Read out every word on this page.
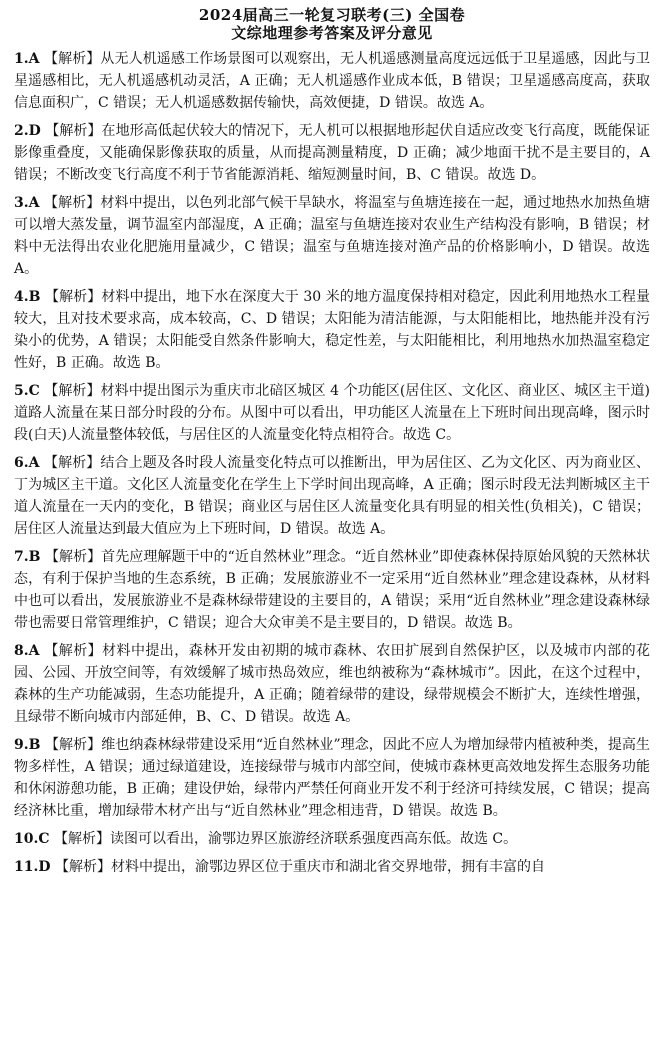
2024届高三一轮复习联考(三) 全国卷
文综地理参考答案及评分意见
1.A 【解析】从无人机遥感工作场景图可以观察出，无人机遥感测量高度远远低于卫星遥感，因此与卫星遥感相比，无人机遥感机动灵活，A 正确；无人机遥感作业成本低，B 错误；卫星遥感高度高，获取信息面积广，C 错误；无人机遥感数据传输快，高效便捷，D 错误。故选 A。
2.D 【解析】在地形高低起伏较大的情况下，无人机可以根据地形起伏自适应改变飞行高度，既能保证影像重叠度，又能确保影像获取的质量，从而提高测量精度，D 正确；减少地面干扰不是主要目的，A 错误；不断改变飞行高度不利于节省能源消耗、缩短测量时间，B、C 错误。故选 D。
3.A 【解析】材料中提出，以色列北部气候干旱缺水，将温室与鱼塘连接在一起，通过地热水加热鱼塘可以增大蒸发量，调节温室内部湿度，A 正确；温室与鱼塘连接对农业生产结构没有影响，B 错误；材料中无法得出农业化肥施用量减少，C 错误；温室与鱼塘连接对渔产品的价格影响小，D 错误。故选 A。
4.B 【解析】材料中提出，地下水在深度大于 30 米的地方温度保持相对稳定，因此利用地热水工程量较大，且对技术要求高，成本较高，C、D 错误；太阳能为清洁能源，与太阳能相比，地热能并没有污染小的优势，A 错误；太阳能受自然条件影响大，稳定性差，与太阳能相比，利用地热水加热温室稳定性好，B 正确。故选 B。
5.C 【解析】材料中提出图示为重庆市北碚区城区 4 个功能区(居住区、文化区、商业区、城区主干道)道路人流量在某日部分时段的分布。从图中可以看出，甲功能区人流量在上下班时间出现高峰，图示时段(白天)人流量整体较低，与居住区的人流量变化特点相符合。故选 C。
6.A 【解析】结合上题及各时段人流量变化特点可以推断出，甲为居住区、乙为文化区、丙为商业区、丁为城区主干道。文化区人流量变化在学生上下学时间出现高峰，A 正确；图示时段无法判断城区主干道人流量在一天内的变化，B 错误；商业区与居住区人流量变化具有明显的相关性(负相关)，C 错误；居住区人流量达到最大值应为上下班时间，D 错误。故选 A。
7.B 【解析】首先应理解题干中的“近自然林业”理念。“近自然林业”即使森林保持原始风貌的天然林状态，有利于保护当地的生态系统，B 正确；发展旅游业不一定采用“近自然林业”理念建设森林，从材料中也可以看出，发展旅游业不是森林绿带建设的主要目的，A 错误；采用“近自然林业”理念建设森林绿带也需要日常管理维护，C 错误；迎合大众审美不是主要目的，D 错误。故选 B。
8.A 【解析】材料中提出，森林开发由初期的城市森林、农田扩展到自然保护区，以及城市内部的花园、公园、开放空间等，有效缓解了城市热岛效应，维也纳被称为“森林城市”。因此，在这个过程中，森林的生产功能减弱，生态功能提升，A 正确；随着绿带的建设，绿带规模会不断扩大，连续性增强，且绿带不断向城市内部延伸，B、C、D 错误。故选 A。
9.B 【解析】维也纳森林绿带建设采用“近自然林业”理念，因此不应人为增加绿带内植被种类，提高生物多样性，A 错误；通过绿道建设，连接绿带与城市内部空间，使城市森林更高效地发挥生态服务功能和休闲游憩功能，B 正确；建设伊始，绿带内严禁任何商业开发不利于经济可持续发展，C 错误；提高经济林比重，增加绿带木材产出与“近自然林业”理念相违背，D 错误。故选 B。
10.C 【解析】读图可以看出，渝鄂边界区旅游经济联系强度西高东低。故选 C。
11.D 【解析】材料中提出，渝鄂边界区位于重庆市和湖北省交界地带，拥有丰富的自
